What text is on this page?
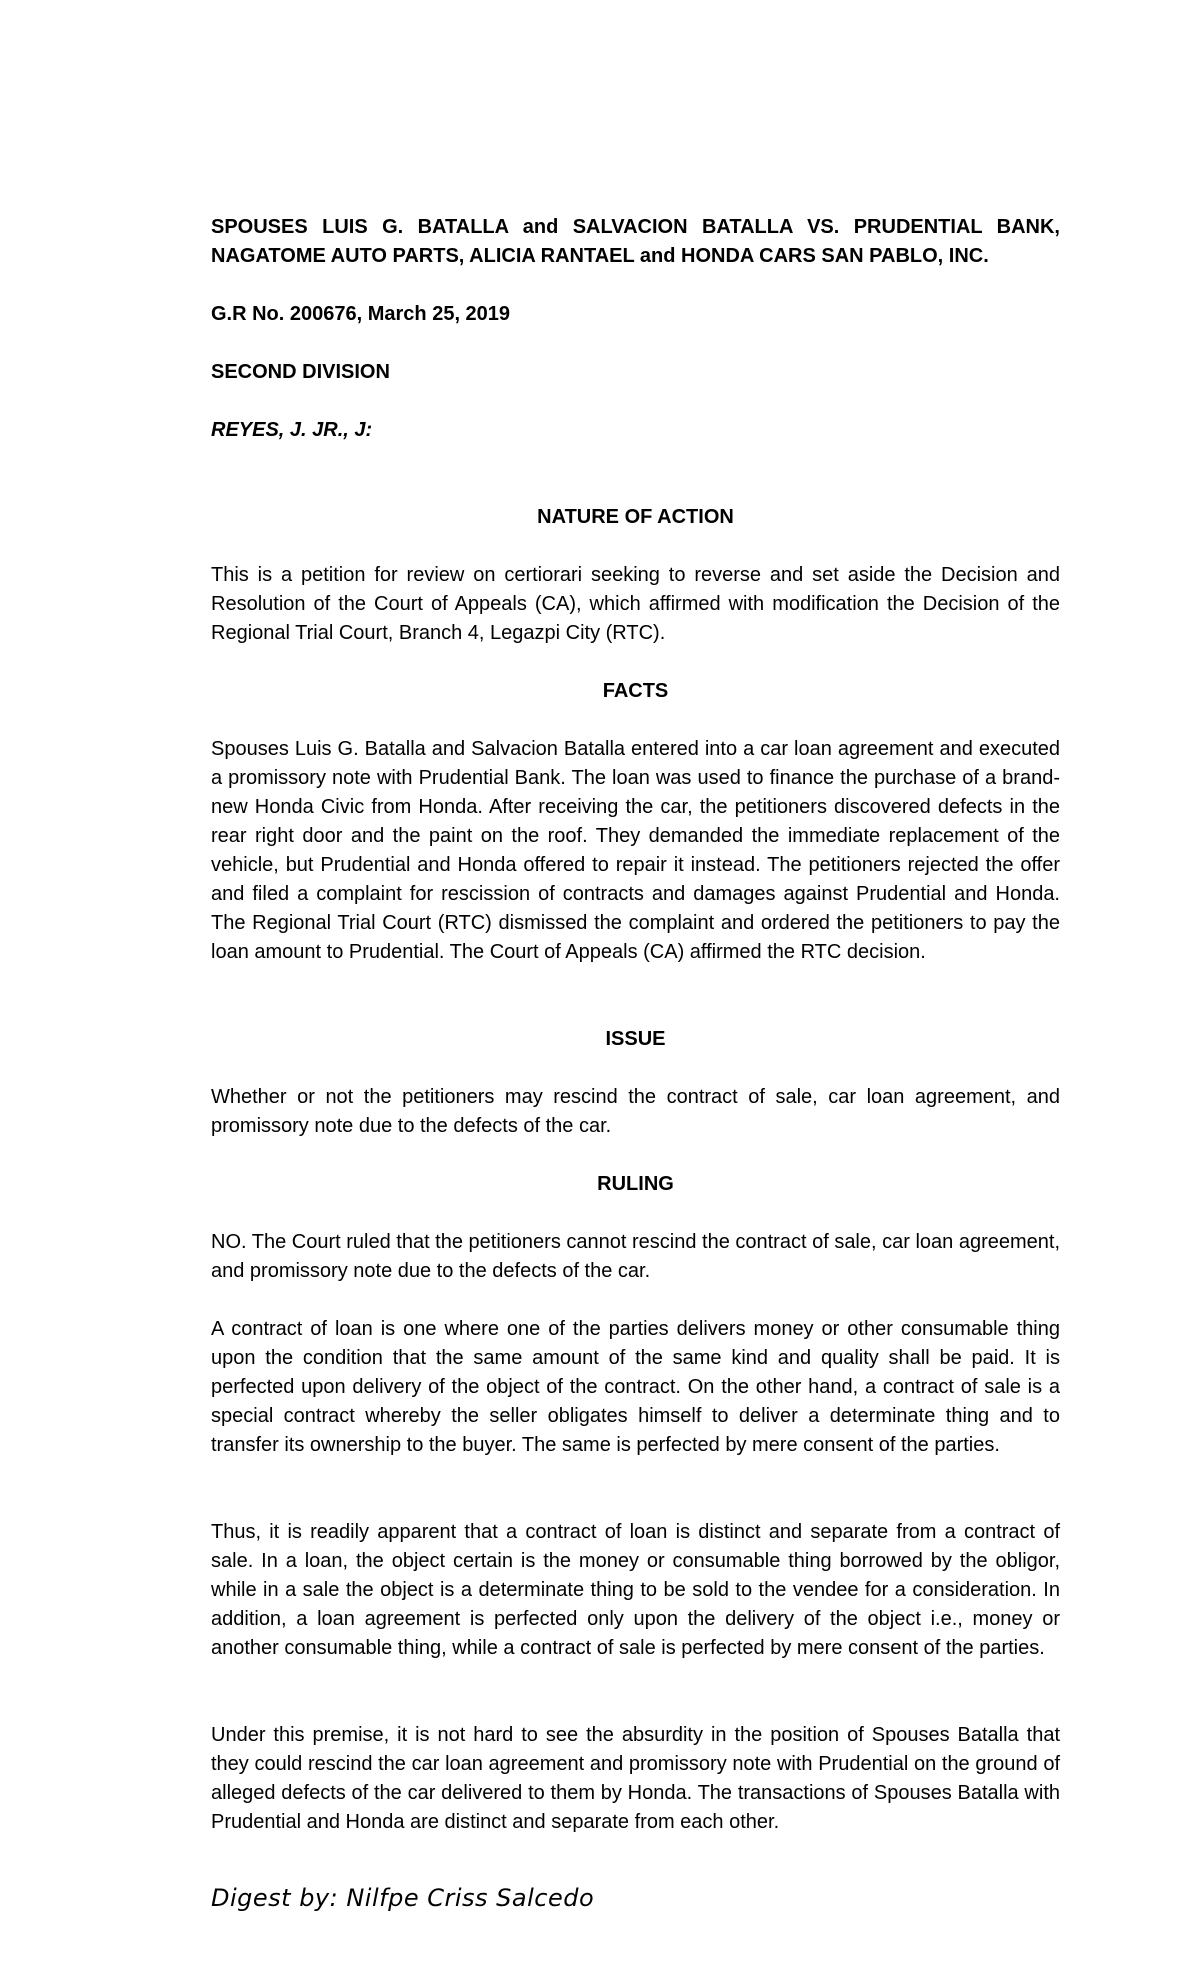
SPOUSES LUIS G. BATALLA and SALVACION BATALLA VS. PRUDENTIAL BANK, NAGATOME AUTO PARTS, ALICIA RANTAEL and HONDA CARS SAN PABLO, INC.

G.R No. 200676, March 25, 2019

SECOND DIVISION

REYES, J. JR., J:

NATURE OF ACTION

This is a petition for review on certiorari seeking to reverse and set aside the Decision and Resolution of the Court of Appeals (CA), which affirmed with modification the Decision of the Regional Trial Court, Branch 4, Legazpi City (RTC).

FACTS

Spouses Luis G. Batalla and Salvacion Batalla entered into a car loan agreement and executed a promissory note with Prudential Bank. The loan was used to finance the purchase of a brand-new Honda Civic from Honda. After receiving the car, the petitioners discovered defects in the rear right door and the paint on the roof. They demanded the immediate replacement of the vehicle, but Prudential and Honda offered to repair it instead. The petitioners rejected the offer and filed a complaint for rescission of contracts and damages against Prudential and Honda. The Regional Trial Court (RTC) dismissed the complaint and ordered the petitioners to pay the loan amount to Prudential. The Court of Appeals (CA) affirmed the RTC decision.

ISSUE

Whether or not the petitioners may rescind the contract of sale, car loan agreement, and promissory note due to the defects of the car.

RULING

NO. The Court ruled that the petitioners cannot rescind the contract of sale, car loan agreement, and promissory note due to the defects of the car.

A contract of loan is one where one of the parties delivers money or other consumable thing upon the condition that the same amount of the same kind and quality shall be paid. It is perfected upon delivery of the object of the contract. On the other hand, a contract of sale is a special contract whereby the seller obligates himself to deliver a determinate thing and to transfer its ownership to the buyer. The same is perfected by mere consent of the parties.

Thus, it is readily apparent that a contract of loan is distinct and separate from a contract of sale. In a loan, the object certain is the money or consumable thing borrowed by the obligor, while in a sale the object is a determinate thing to be sold to the vendee for a consideration. In addition, a loan agreement is perfected only upon the delivery of the object i.e., money or another consumable thing, while a contract of sale is perfected by mere consent of the parties.

Under this premise, it is not hard to see the absurdity in the position of Spouses Batalla that they could rescind the car loan agreement and promissory note with Prudential on the ground of alleged defects of the car delivered to them by Honda. The transactions of Spouses Batalla with Prudential and Honda are distinct and separate from each other.

Digest by: Nilfpe Criss Salcedo
